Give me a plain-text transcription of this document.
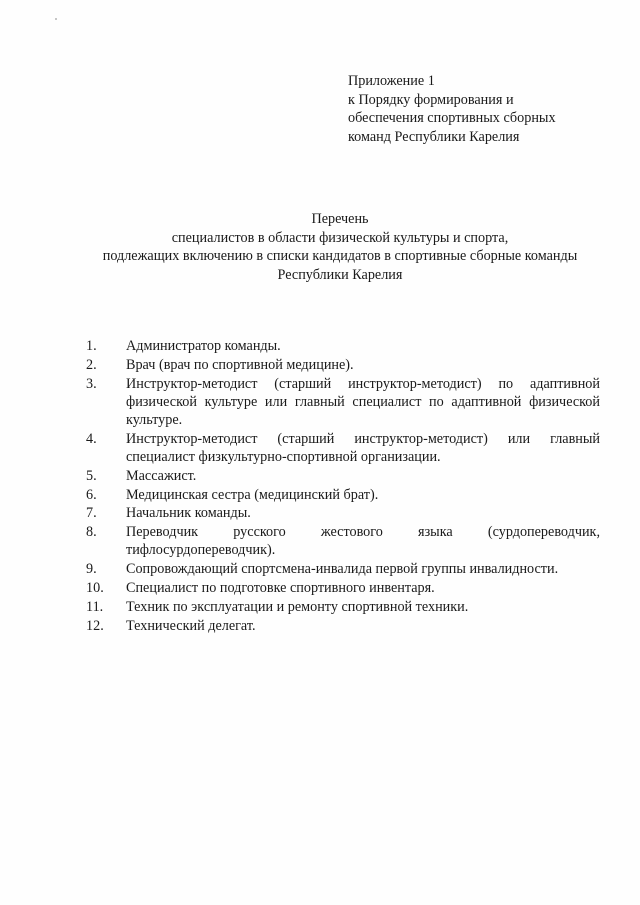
Приложение 1
к Порядку формирования и
обеспечения спортивных сборных
команд Республики Карелия
Перечень
специалистов в области физической культуры и спорта,
подлежащих включению в списки кандидатов в спортивные сборные команды
Республики Карелия
1.	Администратор команды.
2.	Врач (врач по спортивной медицине).
3.	Инструктор-методист (старший инструктор-методист) по адаптивной физической культуре или главный специалист по адаптивной физической культуре.
4.	Инструктор-методист (старший инструктор-методист) или главный специалист физкультурно-спортивной организации.
5.	Массажист.
6.	Медицинская сестра (медицинский брат).
7.	Начальник команды.
8.	Переводчик русского жестового языка (сурдопереводчик, тифлосурдопереводчик).
9.	Сопровождающий спортсмена-инвалида первой группы инвалидности.
10.	Специалист по подготовке спортивного инвентаря.
11.	Техник по эксплуатации и ремонту спортивной техники.
12.	Технический делегат.
